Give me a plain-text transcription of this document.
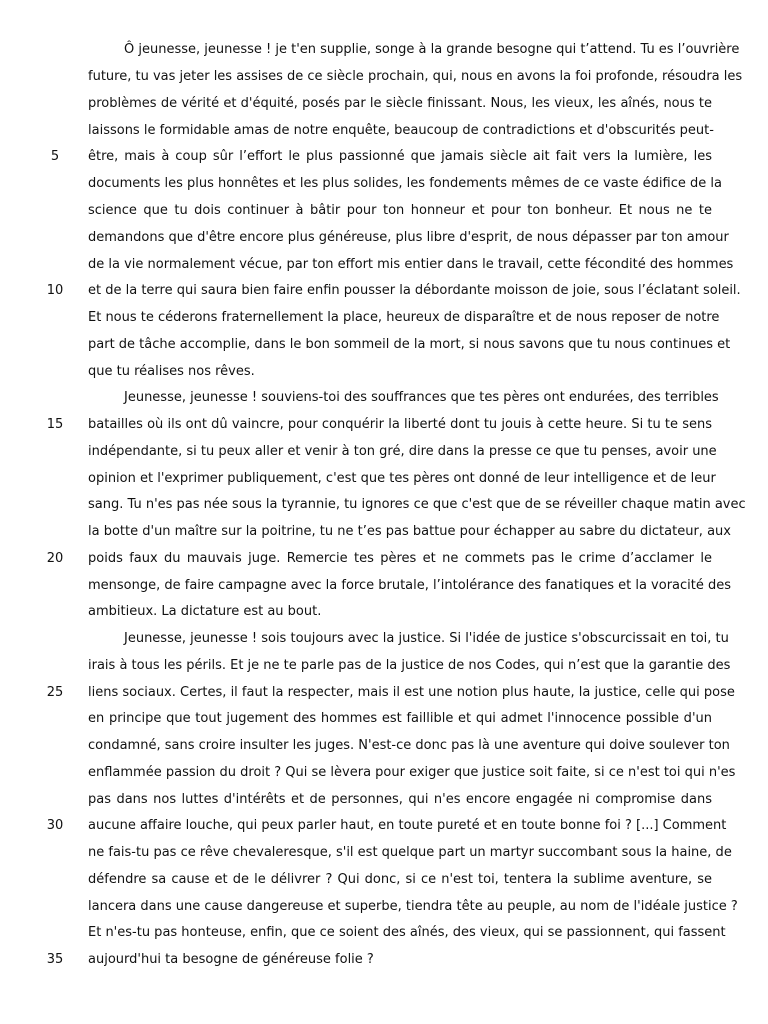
Ô jeunesse, jeunesse ! je t'en supplie, songe à la grande besogne qui t’attend. Tu es l’ouvrière
future, tu vas jeter les assises de ce siècle prochain, qui, nous en avons la foi profonde, résoudra les
problèmes de vérité et d'équité, posés par le siècle finissant. Nous, les vieux, les aînés, nous te
laissons le formidable amas de notre enquête, beaucoup de contradictions et d'obscurités peut-
être, mais à coup sûr l’effort le plus passionné que jamais siècle ait fait vers la lumière, les
documents les plus honnêtes et les plus solides, les fondements mêmes de ce vaste édifice de la
science que tu dois continuer à bâtir pour ton honneur et pour ton bonheur. Et nous ne te
demandons que d'être encore plus généreuse, plus libre d'esprit, de nous dépasser par ton amour
de la vie normalement vécue, par ton effort mis entier dans le travail, cette fécondité des hommes
et de la terre qui saura bien faire enfin pousser la débordante moisson de joie, sous l’éclatant soleil.
Et nous te céderons fraternellement la place, heureux de disparaître et de nous reposer de notre
part de tâche accomplie, dans le bon sommeil de la mort, si nous savons que tu nous continues et
que tu réalises nos rêves.
Jeunesse, jeunesse ! souviens-toi des souffrances que tes pères ont endurées, des terribles
batailles où ils ont dû vaincre, pour conquérir la liberté dont tu jouis à cette heure. Si tu te sens
indépendante, si tu peux aller et venir à ton gré, dire dans la presse ce que tu penses, avoir une
opinion et l'exprimer publiquement, c'est que tes pères ont donné de leur intelligence et de leur
sang. Tu n'es pas née sous la tyrannie, tu ignores ce que c'est que de se réveiller chaque matin avec
la botte d'un maître sur la poitrine, tu ne t’es pas battue pour échapper au sabre du dictateur, aux
poids faux du mauvais juge. Remercie tes pères et ne commets pas le crime d’acclamer le
mensonge, de faire campagne avec la force brutale, l’intolérance des fanatiques et la voracité des
ambitieux. La dictature est au bout.
Jeunesse, jeunesse ! sois toujours avec la justice. Si l'idée de justice s'obscurcissait en toi, tu
irais à tous les périls. Et je ne te parle pas de la justice de nos Codes, qui n’est que la garantie des
liens sociaux. Certes, il faut la respecter, mais il est une notion plus haute, la justice, celle qui pose
en principe que tout jugement des hommes est faillible et qui admet l'innocence possible d'un
condamné, sans croire insulter les juges. N'est-ce donc pas là une aventure qui doive soulever ton
enflammée passion du droit ? Qui se lèvera pour exiger que justice soit faite, si ce n'est toi qui n'es
pas dans nos luttes d'intérêts et de personnes, qui n'es encore engagée ni compromise dans
aucune affaire louche, qui peux parler haut, en toute pureté et en toute bonne foi ? [...] Comment
ne fais-tu pas ce rêve chevaleresque, s'il est quelque part un martyr succombant sous la haine, de
défendre sa cause et de le délivrer ? Qui donc, si ce n'est toi, tentera la sublime aventure, se
lancera dans une cause dangereuse et superbe, tiendra tête au peuple, au nom de l'idéale justice ?
Et n'es-tu pas honteuse, enfin, que ce soient des aînés, des vieux, qui se passionnent, qui fassent
aujourd'hui ta besogne de généreuse folie ?
5
10
15
20
25
30
35
